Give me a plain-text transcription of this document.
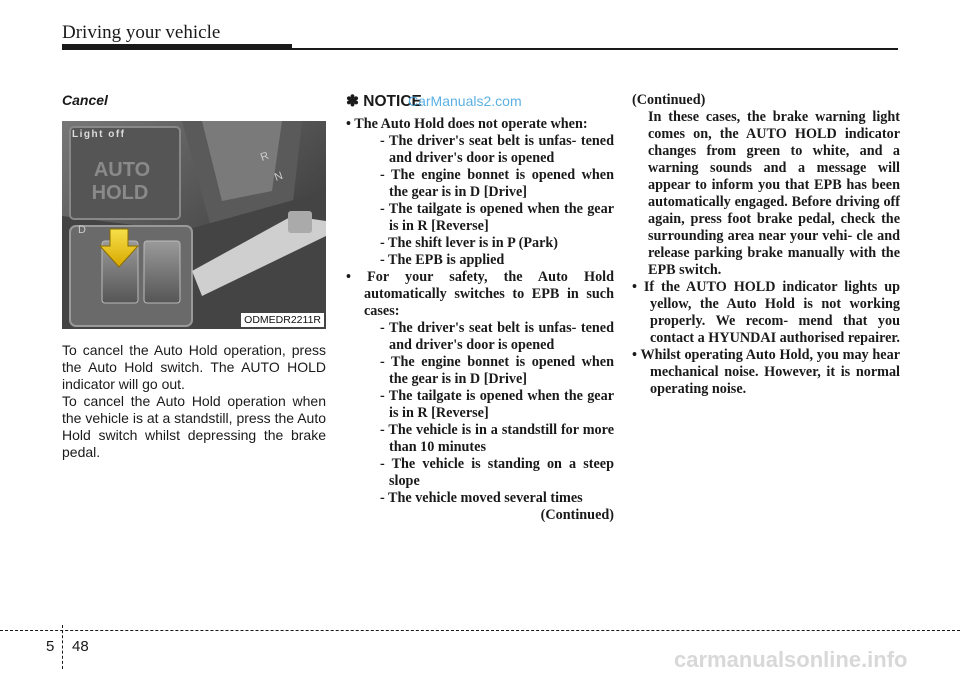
Driving your vehicle
Cancel
AUTO
HOLD
R
N
D
Light off
ODMEDR2211R

To cancel the Auto Hold operation, press the Auto Hold switch. The AUTO HOLD indicator will go out.

To cancel the Auto Hold operation when the vehicle is at a standstill, press the Auto Hold switch whilst depressing the brake pedal.

✽ NOTICE
CarManuals2.com

• The Auto Hold does not operate when:

- The driver's seat belt is unfas- tened and driver's door is opened

- The engine bonnet is opened when the gear is in D [Drive]

- The tailgate is opened when the gear is in R [Reverse]

- The shift lever is in P (Park)

- The EPB is applied

• For your safety, the Auto Hold automatically switches to EPB in such cases:

- The driver's seat belt is unfas- tened and driver's door is opened

- The engine bonnet is opened when the gear is in D [Drive]

- The tailgate is opened when the gear is in R [Reverse]

- The vehicle is in a standstill for more than 10 minutes

- The vehicle is standing on a steep slope

- The vehicle moved several times

(Continued)

(Continued)

In these cases, the brake warning light comes on, the AUTO HOLD indicator changes from green to white, and a warning sounds and a message will appear to inform you that EPB has been automatically engaged. Before driving off again, press foot brake pedal, check the surrounding area near your vehi- cle and release parking brake manually with the EPB switch.

• If the AUTO HOLD indicator lights up yellow, the Auto Hold is not working properly. We recom- mend that you contact a HYUNDAI authorised repairer.

• Whilst operating Auto Hold, you may hear mechanical noise. However, it is normal operating noise.

5 48
carmanualsonline.info
